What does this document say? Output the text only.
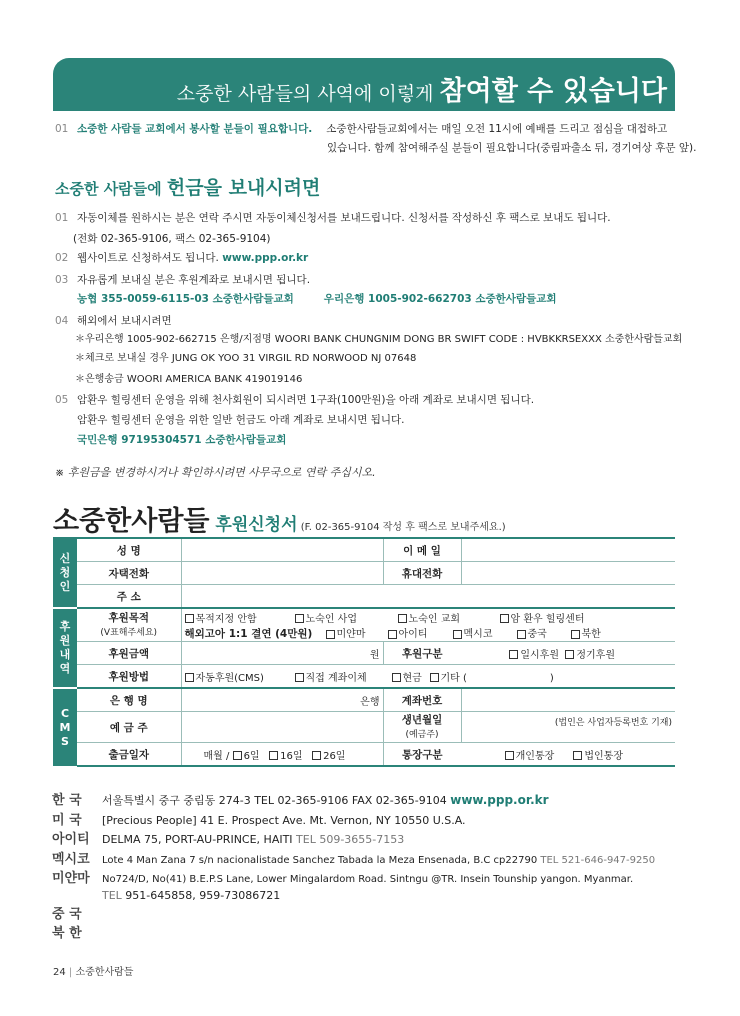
소중한 사람들의 사역에 이렇게 참여할 수 있습니다
01 소중한 사람들 교회에서 봉사할 분들이 필요합니다. 소중한사람들교회에서는 매일 오전 11시에 예배를 드리고 점심을 대접하고
있습니다. 함께 참여해주실 분들이 필요합니다(중림파출소 뒤, 경기여상 후문 앞).
소중한 사람들에 헌금을 보내시려면
01 자동이체를 원하시는 분은 연락 주시면 자동이체신청서를 보내드립니다. 신청서를 작성하신 후 팩스로 보내도 됩니다.
(전화 02-365-9106, 팩스 02-365-9104)
02 웹사이트로 신청하셔도 됩니다. www.ppp.or.kr
03 자유롭게 보내실 분은 후원계좌로 보내시면 됩니다.
농협 355-0059-6115-03 소중한사람들교회	우리은행 1005-902-662703 소중한사람들교회
04 해외에서 보내시려면
＊우리은행 1005-902-662715 은행/지점명 WOORI BANK CHUNGNIM DONG BR SWIFT CODE : HVBKKRSEXXX 소중한사람들교회
＊체크로 보내실 경우 JUNG OK YOO 31 VIRGIL RD NORWOOD NJ 07648
＊은행송금 WOORI AMERICA BANK 419019146
05 암환우 힐링센터 운영을 위해 천사회원이 되시려면 1구좌(100만원)을 아래 계좌로 보내시면 됩니다.
암환우 힐링센터 운영을 위한 일반 헌금도 아래 계좌로 보내시면 됩니다.
국민은행 97195304571 소중한사람들교회
※ 후원금을 변경하시거나 확인하시려면 사무국으로 연락 주십시오.
소중한사람들 후원신청서 (F. 02-365-9104 작성 후 팩스로 보내주세요.)
신청인	성 명		이 메 일	
	자택전화		휴대전화	
	주 소			

후원내역	후원목적
(V표해주세요)	목적지정 안함 노숙인 사업 노숙인 교회 암 환우 힐링센터		
		해외고아 1:1 결연 (4만원) 미얀마 아이티 멕시코 중국 북한		
	후원금액	원	후원구분	일시후원 정기후원
	후원방법	자동후원(CMS) 직접 계좌이체 현금 기타 ( )		

CMS	은 행 명	은행	계좌번호	
	예 금 주		생년월일
(예금주)	(법인은 사업자등록번호 기재)
	출금일자	매월 / 6일 16일 26일	통장구분	개인통장 법인통장
한 국 서울특별시 중구 중림동 274-3 TEL 02-365-9106 FAX 02-365-9104 www.ppp.or.kr
미 국 [Precious People] 41 E. Prospect Ave. Mt. Vernon, NY 10550 U.S.A.
아이티 DELMA 75, PORT-AU-PRINCE, HAITI TEL 509-3655-7153
멕시코 Lote 4 Man Zana 7 s/n nacionalistade Sanchez Tabada la Meza Ensenada, B.C cp22790 TEL 521-646-947-9250
미얀마 No724/D, No(41) B.E.P.S Lane, Lower Mingalardom Road. Sintngu @TR. Insein Tounship yangon. Myanmar.
TEL 951-645858, 959-73086721
중 국
북 한
24 | 소중한사람들
